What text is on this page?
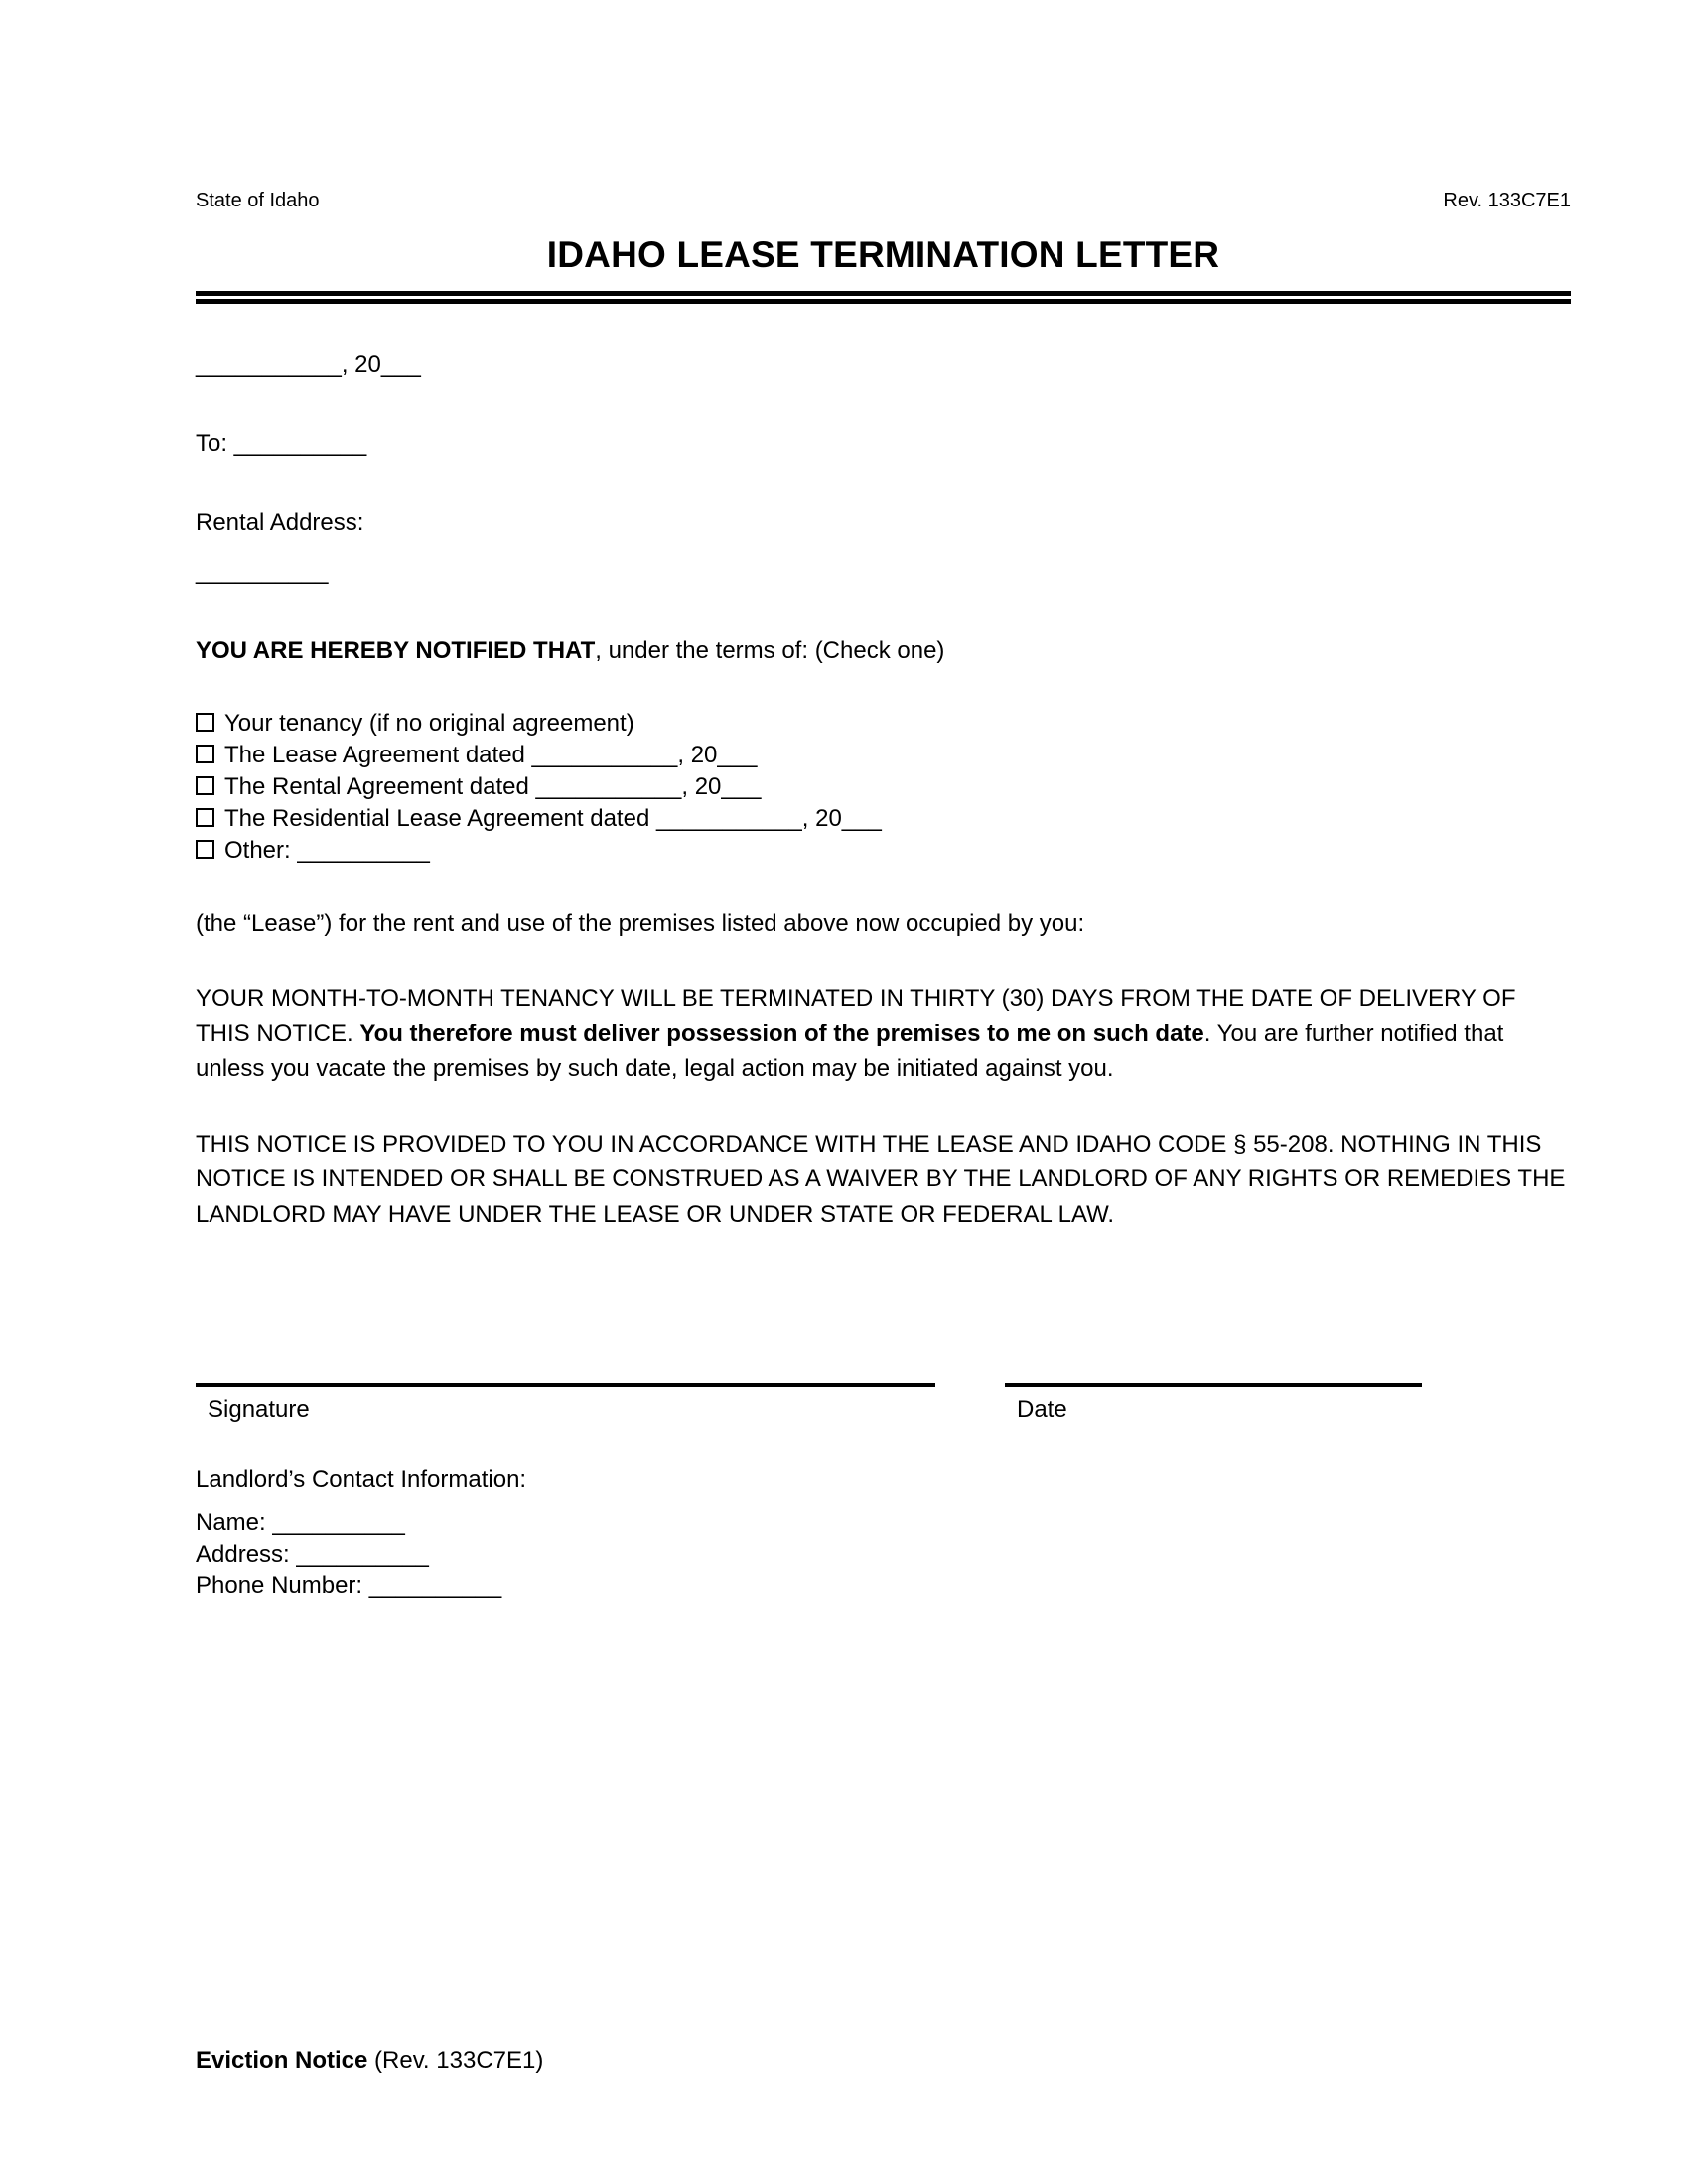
State of Idaho	Rev. 133C7E1
IDAHO LEASE TERMINATION LETTER
___________, 20___
To: __________
Rental Address:
__________

YOU ARE HEREBY NOTIFIED THAT, under the terms of: (Check one)

Your tenancy (if no original agreement)
The Lease Agreement dated ___________, 20___
The Rental Agreement dated ___________, 20___
The Residential Lease Agreement dated ___________, 20___
Other: __________

(the “Lease”) for the rent and use of the premises listed above now occupied by you:

YOUR MONTH-TO-MONTH TENANCY WILL BE TERMINATED IN THIRTY (30) DAYS FROM THE DATE OF DELIVERY OF THIS NOTICE. You therefore must deliver possession of the premises to me on such date. You are further notified that unless you vacate the premises by such date, legal action may be initiated against you.

THIS NOTICE IS PROVIDED TO YOU IN ACCORDANCE WITH THE LEASE AND IDAHO CODE § 55-208. NOTHING IN THIS NOTICE IS INTENDED OR SHALL BE CONSTRUED AS A WAIVER BY THE LANDLORD OF ANY RIGHTS OR REMEDIES THE LANDLORD MAY HAVE UNDER THE LEASE OR UNDER STATE OR FEDERAL LAW.

Signature	Date
Landlord’s Contact Information:
Name: __________
Address: __________
Phone Number: __________
Eviction Notice (Rev. 133C7E1)
